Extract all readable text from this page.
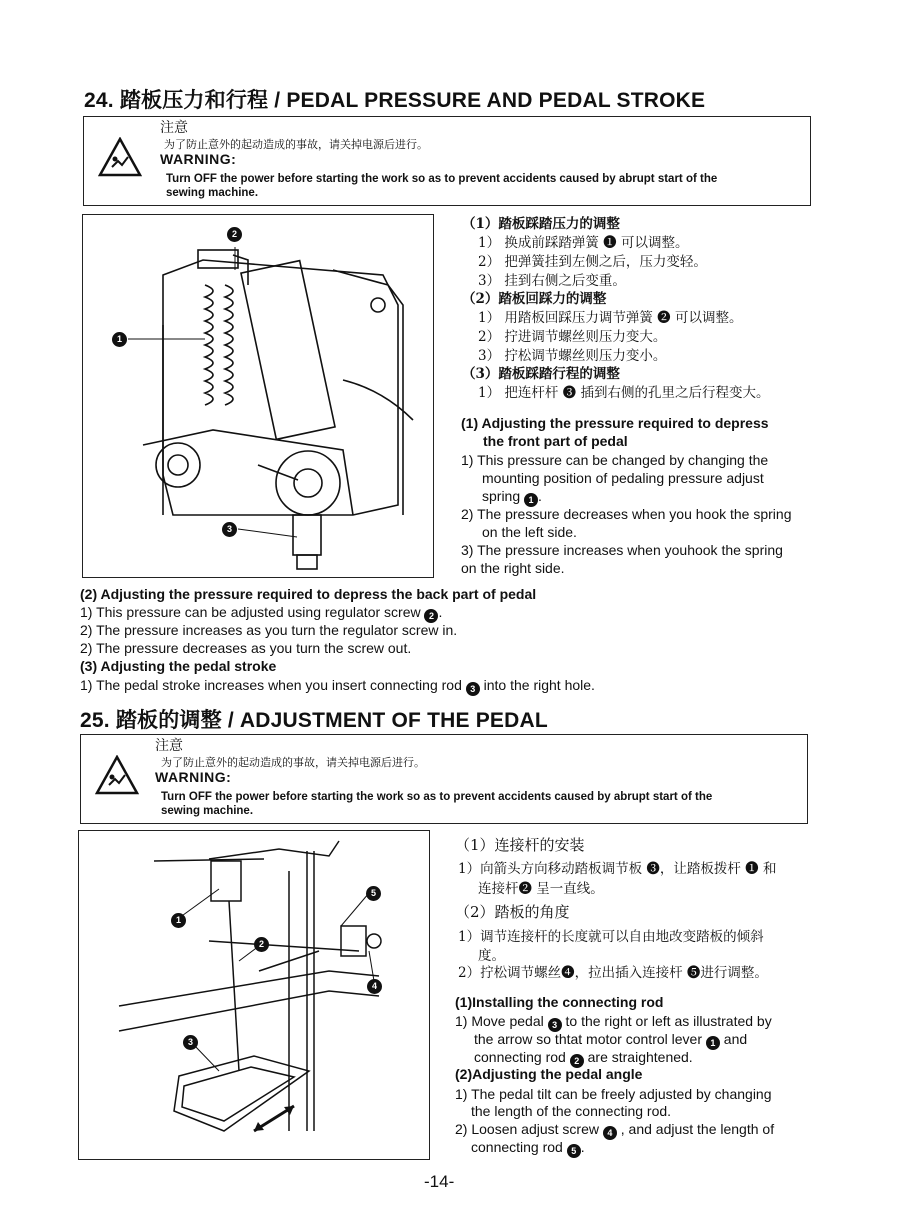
24. 踏板压力和行程 / PEDAL PRESSURE AND PEDAL STROKE
注意
为了防止意外的起动造成的事故，请关掉电源后进行。
WARNING:
Turn OFF the power before starting the work so as to prevent accidents caused by abrupt start of the
sewing machine.
2
1
3
（1）踏板踩踏压力的调整
1） 换成前踩踏弹簧 ❶ 可以调整。
2） 把弹簧挂到左侧之后，压力变轻。
3） 挂到右侧之后变重。
（2）踏板回踩力的调整
1） 用踏板回踩压力调节弹簧 ❷ 可以调整。
2） 拧进调节螺丝则压力变大。
3） 拧松调节螺丝则压力变小。
（3）踏板踩踏行程的调整
1） 把连杆杆 ❸ 插到右侧的孔里之后行程变大。
(1) Adjusting the pressure required to depress
the front part of pedal
1) This pressure can be changed by changing the
mounting position of pedaling pressure adjust
spring 1 .
2) The pressure decreases when you hook the spring
on the left side.
3) The pressure increases when youhook the spring
on the right side.
(2) Adjusting the pressure required to depress the back part of pedal
1) This pressure can be adjusted using regulator screw 2 .
2) The pressure increases as you turn the regulator screw in.
2) The pressure decreases as you turn the screw out.
(3) Adjusting the pedal stroke
1) The pedal stroke increases when you insert connecting rod 3 into the right hole.
25. 踏板的调整 / ADJUSTMENT OF THE PEDAL
注意
为了防止意外的起动造成的事故，请关掉电源后进行。
WARNING:
Turn OFF the power before starting the work so as to prevent accidents caused by abrupt start of the
sewing machine.
5
1
2
4
3
（1）连接杆的安装
1）向箭头方向移动踏板调节板 ❸，让踏板拨杆 ❶ 和
连接杆❷ 呈一直线。
（2）踏板的角度
1）调节连接杆的长度就可以自由地改变踏板的倾斜
度。
2）拧松调节螺丝❹，拉出插入连接杆 ❺进行调整。
(1)Installing the connecting rod
1) Move pedal 3 to the right or left as illustrated by
the arrow so thtat motor control lever 1 and
connecting rod 2 are straightened.
(2)Adjusting the pedal angle
1) The pedal tilt can be freely adjusted by changing
the length of the connecting rod.
2) Loosen adjust screw 4 , and adjust the length of
connecting rod 5 .
-14-
